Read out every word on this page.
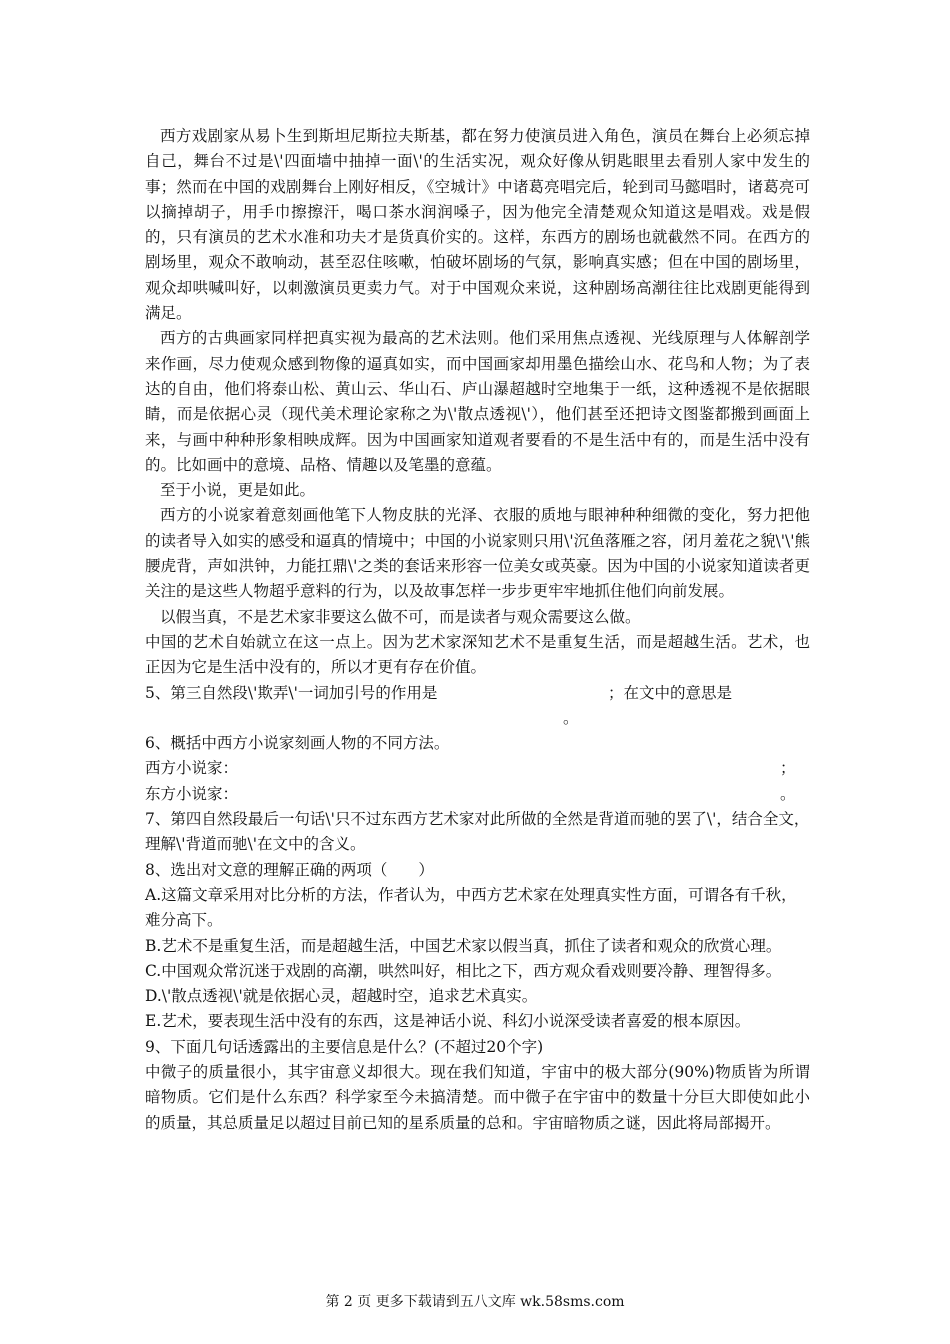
西方戏剧家从易卜生到斯坦尼斯拉夫斯基，都在努力使演员进入角色，演员在舞台上必须忘掉自己，舞台不过是\'四面墙中抽掉一面\'的生活实况，观众好像从钥匙眼里去看别人家中发生的事；然而在中国的戏剧舞台上刚好相反，《空城计》中诸葛亮唱完后，轮到司马懿唱时，诸葛亮可以摘掉胡子，用手巾擦擦汗，喝口茶水润润嗓子，因为他完全清楚观众知道这是唱戏。戏是假的，只有演员的艺术水准和功夫才是货真价实的。这样，东西方的剧场也就截然不同。在西方的剧场里，观众不敢响动，甚至忍住咳嗽，怕破坏剧场的气氛，影响真实感；但在中国的剧场里，观众却哄喊叫好，以刺激演员更卖力气。对于中国观众来说，这种剧场高潮往往比戏剧更能得到满足。

西方的古典画家同样把真实视为最高的艺术法则。他们采用焦点透视、光线原理与人体解剖学来作画，尽力使观众感到物像的逼真如实，而中国画家却用墨色描绘山水、花鸟和人物；为了表达的自由，他们将泰山松、黄山云、华山石、庐山瀑超越时空地集于一纸，这种透视不是依据眼睛，而是依据心灵（现代美术理论家称之为\'散点透视\'），他们甚至还把诗文图鉴都搬到画面上来，与画中种种形象相映成辉。因为中国画家知道观者要看的不是生活中有的，而是生活中没有的。比如画中的意境、品格、情趣以及笔墨的意蕴。

至于小说，更是如此。

西方的小说家着意刻画他笔下人物皮肤的光泽、衣服的质地与眼神种种细微的变化，努力把他的读者导入如实的感受和逼真的情境中；中国的小说家则只用\'沉鱼落雁之容，闭月羞花之貌\'\'熊腰虎背，声如洪钟，力能扛鼎\'之类的套话来形容一位美女或英豪。因为中国的小说家知道读者更关注的是这些人物超乎意料的行为，以及故事怎样一步步更牢牢地抓住他们向前发展。

以假当真，不是艺术家非要这么做不可，而是读者与观众需要这么做。

中国的艺术自始就立在这一点上。因为艺术家深知艺术不是重复生活，而是超越生活。艺术，也正因为它是生活中没有的，所以才更有存在价值。

5、第三自然段\'欺弄\'一词加引号的作用是	；在文中的意思是

。

6、概括中西方小说家刻画人物的不同方法。

西方小说家：	；

东方小说家：	。

7、第四自然段最后一句话\'只不过东西方艺术家对此所做的全然是背道而驰的罢了\'，结合全文，理解\'背道而驰\'在文中的含义。

8、选出对文意的理解正确的两项（　　）

A.这篇文章采用对比分析的方法，作者认为，中西方艺术家在处理真实性方面，可谓各有千秋，难分高下。

B.艺术不是重复生活，而是超越生活，中国艺术家以假当真，抓住了读者和观众的欣赏心理。

C.中国观众常沉迷于戏剧的高潮，哄然叫好，相比之下，西方观众看戏则要冷静、理智得多。

D.\'散点透视\'就是依据心灵，超越时空，追求艺术真实。

E.艺术，要表现生活中没有的东西，这是神话小说、科幻小说深受读者喜爱的根本原因。

9、下面几句话透露出的主要信息是什么？(不超过20个字)

中微子的质量很小，其宇宙意义却很大。现在我们知道，宇宙中的极大部分(90%)物质皆为所谓暗物质。它们是什么东西？科学家至今未搞清楚。而中微子在宇宙中的数量十分巨大即使如此小的质量，其总质量足以超过目前已知的星系质量的总和。宇宙暗物质之谜，因此将局部揭开。

第 2 页 更多下载请到五八文库 wk.58sms.com
